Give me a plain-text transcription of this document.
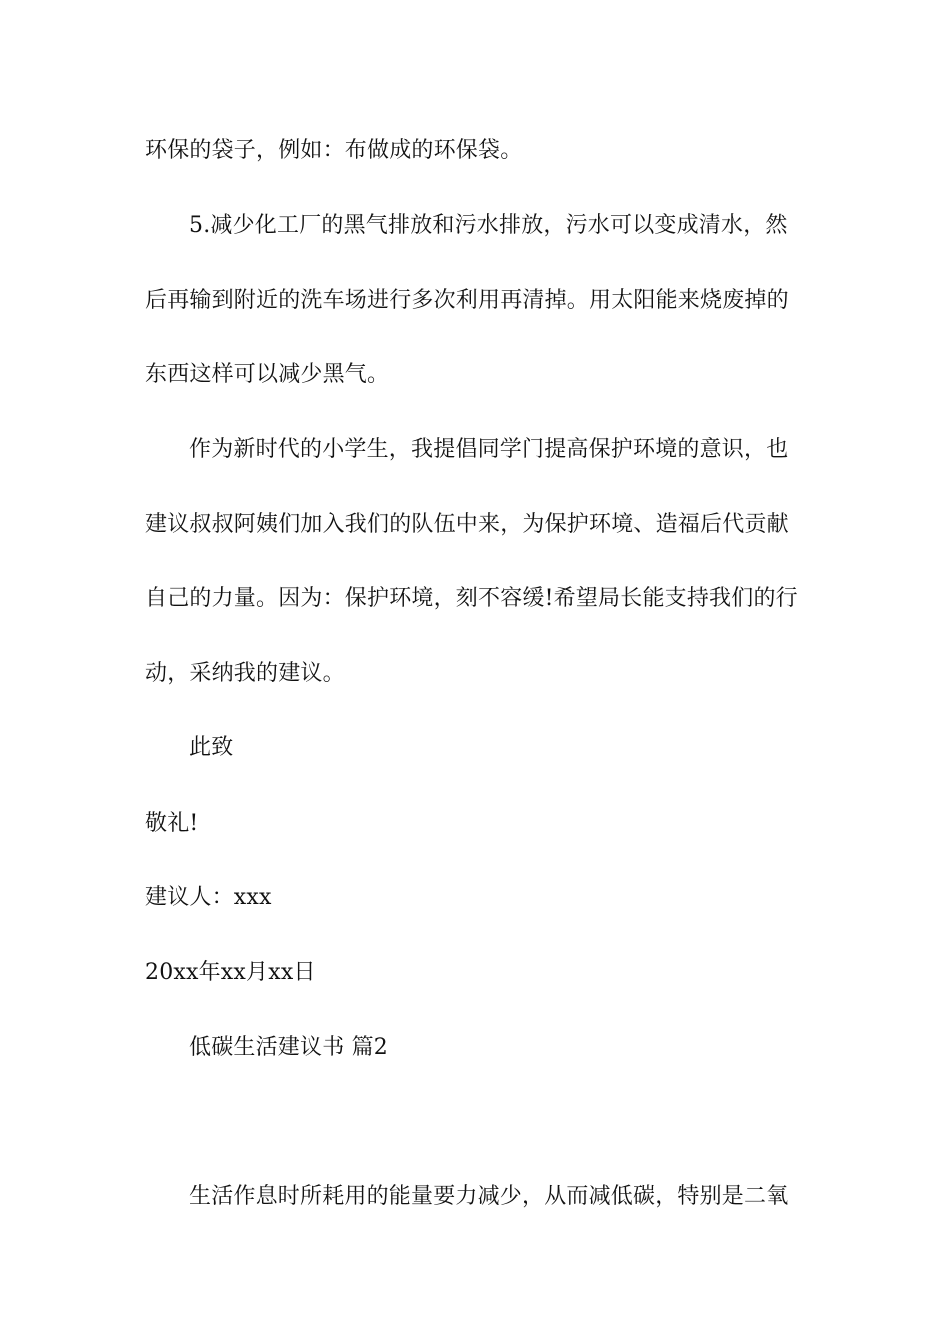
环保的袋子，例如：布做成的环保袋。
5.减少化工厂的黑气排放和污水排放，污水可以变成清水，然
后再输到附近的洗车场进行多次利用再清掉。用太阳能来烧废掉的
东西这样可以减少黑气。
作为新时代的小学生，我提倡同学门提高保护环境的意识，也
建议叔叔阿姨们加入我们的队伍中来，为保护环境、造福后代贡献
自己的力量。因为：保护环境，刻不容缓!希望局长能支持我们的行
动，采纳我的建议。
此致
敬礼!
建议人：xxx
20xx年xx月xx日
低碳生活建议书 篇2
生活作息时所耗用的能量要力减少，从而减低碳，特别是二氧
